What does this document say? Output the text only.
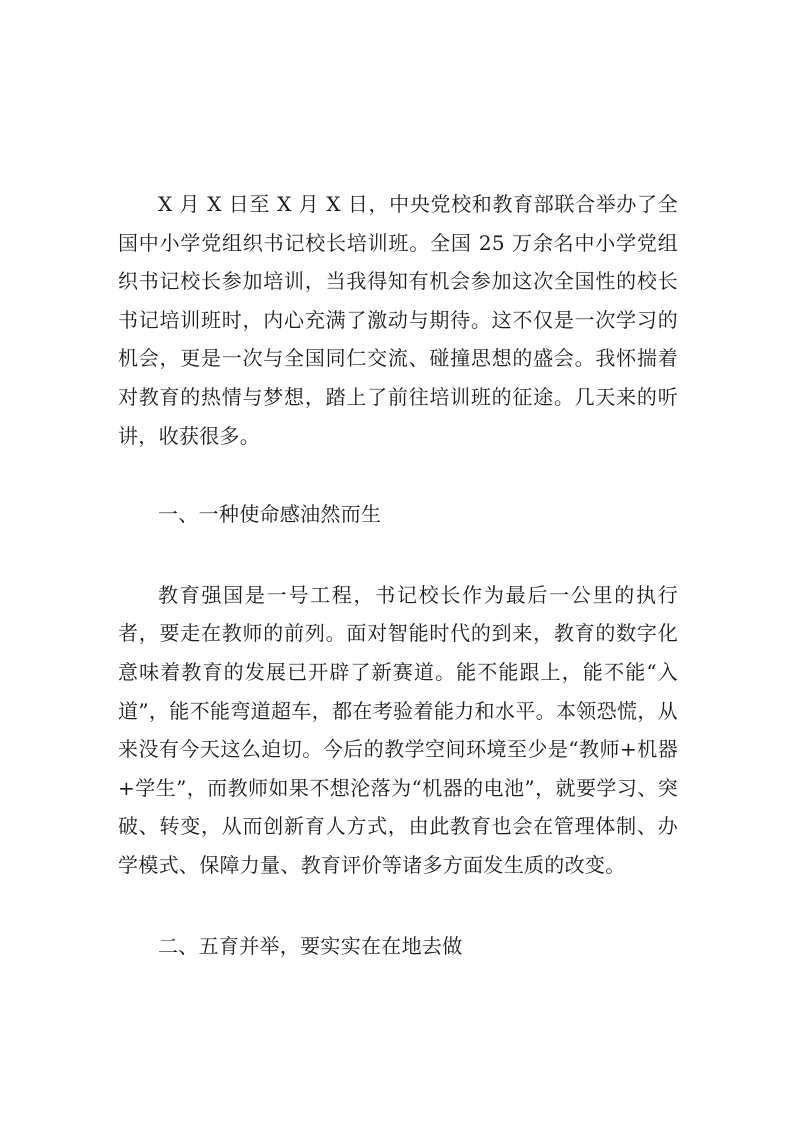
X 月 X 日至 X 月 X 日，中央党校和教育部联合举办了全国中小学党组织书记校长培训班。全国 25 万余名中小学党组织书记校长参加培训，当我得知有机会参加这次全国性的校长书记培训班时，内心充满了激动与期待。这不仅是一次学习的机会，更是一次与全国同仁交流、碰撞思想的盛会。我怀揣着对教育的热情与梦想，踏上了前往培训班的征途。几天来的听讲，收获很多。

一、一种使命感油然而生

教育强国是一号工程，书记校长作为最后一公里的执行者，要走在教师的前列。面对智能时代的到来，教育的数字化意味着教育的发展已开辟了新赛道。能不能跟上，能不能“入道”，能不能弯道超车，都在考验着能力和水平。本领恐慌，从来没有今天这么迫切。今后的教学空间环境至少是“教师+机器+学生”，而教师如果不想沦落为“机器的电池”，就要学习、突破、转变，从而创新育人方式，由此教育也会在管理体制、办学模式、保障力量、教育评价等诸多方面发生质的改变。

二、五育并举，要实实在在地去做
